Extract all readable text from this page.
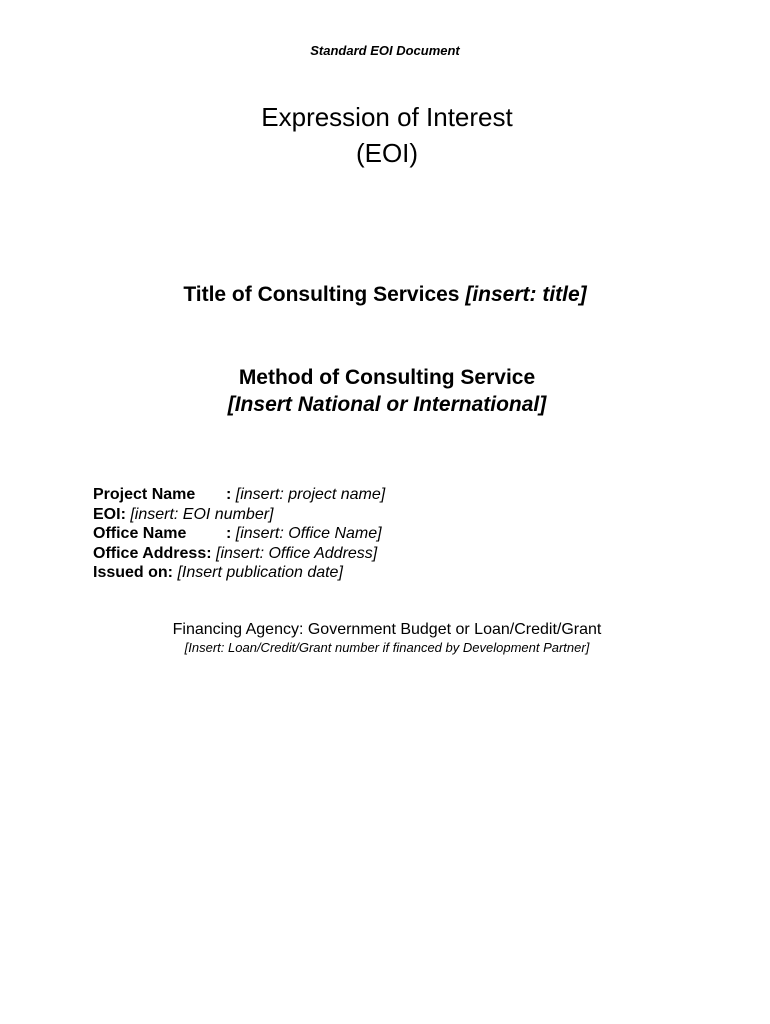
Standard EOI Document
Expression of Interest
(EOI)
Title of Consulting Services [insert: title]
Method of Consulting Service
[Insert National or International]
Project Name : [insert: project name]
EOI: [insert: EOI number]
Office Name : [insert: Office Name]
Office Address: [insert: Office Address]
Issued on: [Insert publication date]
Financing Agency: Government Budget or Loan/Credit/Grant
[Insert: Loan/Credit/Grant number if financed by Development Partner]
